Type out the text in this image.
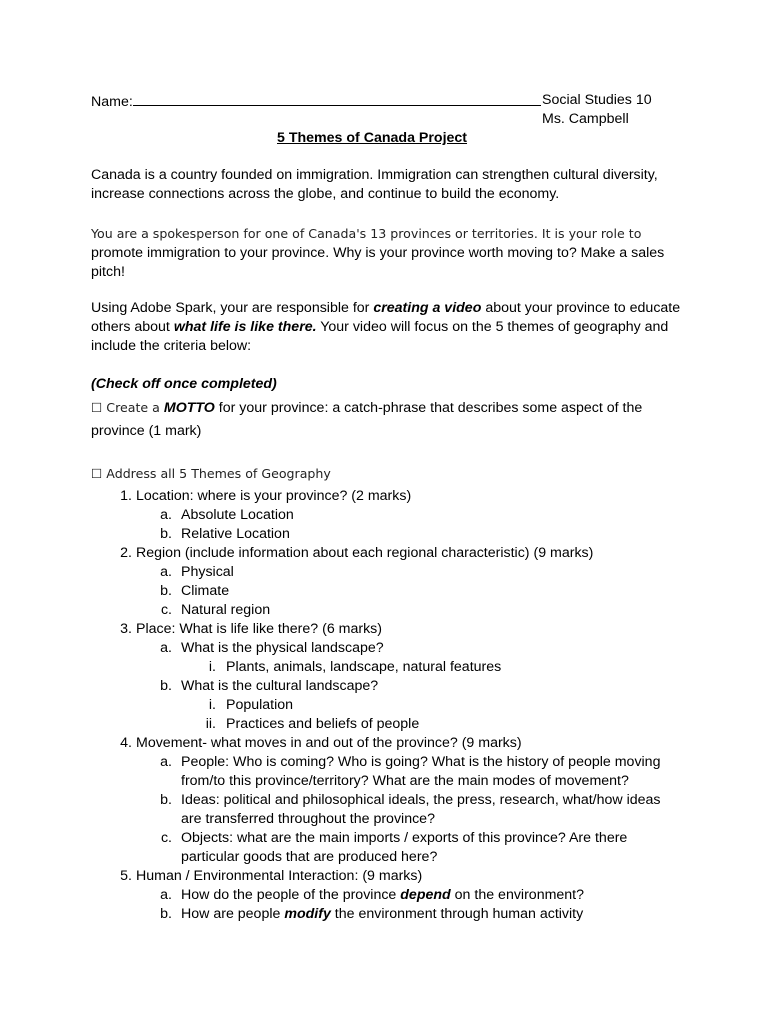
Name:	Social Studies 10
Ms. Campbell
5 Themes of Canada Project

Canada is a country founded on immigration. Immigration can strengthen cultural diversity, increase connections across the globe, and continue to build the economy.

You are a spokesperson for one of Canada's 13 provinces or territories. It is your role to

promote immigration to your province. Why is your province worth moving to? Make a sales pitch!

Using Adobe Spark, your are responsible for creating a video about your province to educate others about what life is like there. Your video will focus on the 5 themes of geography and include the criteria below:

(Check off once completed)
☐ Create a MOTTO for your province: a catch-phrase that describes some aspect of the
province (1 mark)
☐ Address all 5 Themes of Geography
1. Location: where is your province? (2 marks)
a. Absolute Location
b. Relative Location
2. Region (include information about each regional characteristic) (9 marks)
a. Physical
b. Climate
c. Natural region
3. Place: What is life like there? (6 marks)
a. What is the physical landscape?
i. Plants, animals, landscape, natural features
b. What is the cultural landscape?
i. Population
ii. Practices and beliefs of people
4. Movement- what moves in and out of the province? (9 marks)
a. People: Who is coming? Who is going? What is the history of people moving from/to this province/territory? What are the main modes of movement?
b. Ideas: political and philosophical ideals, the press, research, what/how ideas are transferred throughout the province?
c. Objects: what are the main imports / exports of this province? Are there particular goods that are produced here?
5. Human / Environmental Interaction: (9 marks)
a. How do the people of the province depend on the environment?
b. How are people modify the environment through human activity
